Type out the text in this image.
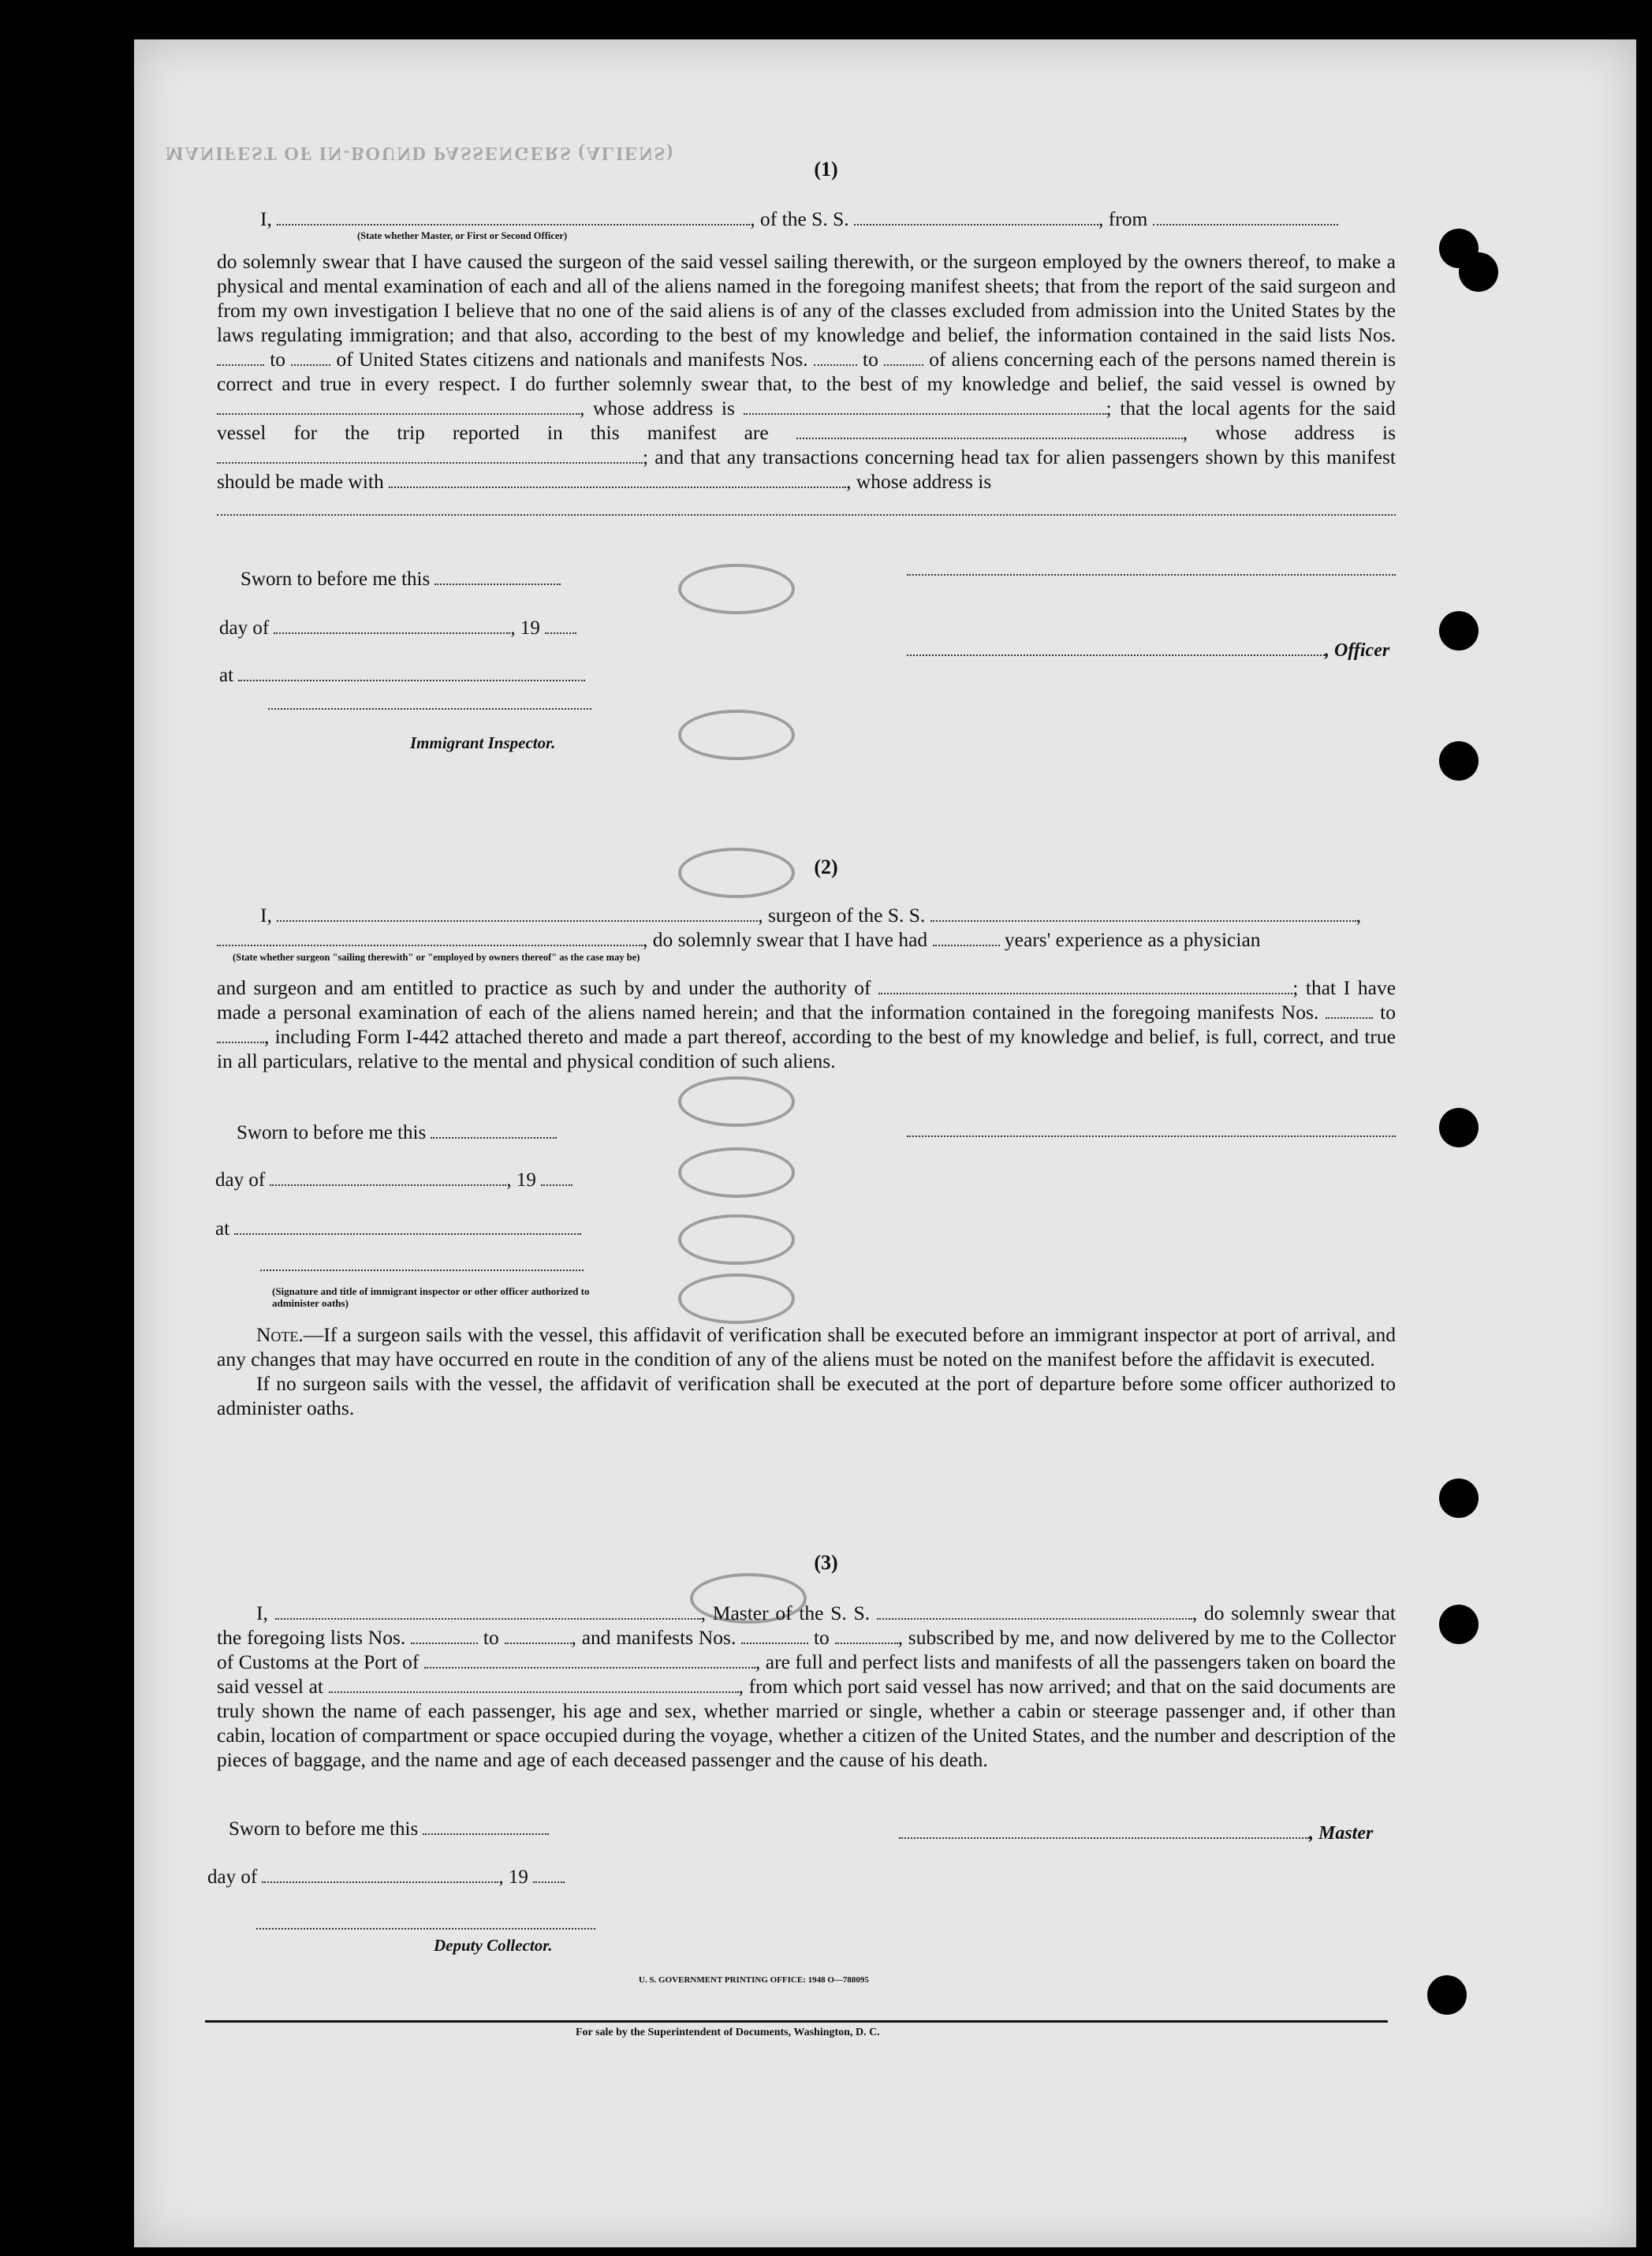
MANIFEST OF IN-BOUND PASSENGERS (ALIENS)
(1)
I,	, of the S. S.	, from
(State whether Master, or First or Second Officer)

do solemnly swear that I have caused the surgeon of the said vessel sailing therewith, or the surgeon employed by the owners thereof, to make a physical and mental examination of each and all of the aliens named in the foregoing manifest sheets; that from the report of the said surgeon and from my own investigation I believe that no one of the said aliens is of any of the classes excluded from admission into the United States by the laws regulating immigration; and that also, according to the best of my knowledge and belief, the information contained in the said lists Nos.  to	of United States citizens and nationals and manifests Nos.	to	of aliens concerning each of the persons named therein is correct and true in every respect. I do further solemnly swear that, to the best of my knowledge and belief, the said vessel is owned by , whose address is	; that the local agents for the said vessel for the trip reported in this manifest are	, whose address is ; and that any transactions concerning head tax for alien passengers shown by this manifest should be made with	, whose address is

Sworn to before me this
day of	, 19
at
Immigrant Inspector.
, Officer
(2)
I,	, surgeon of the S. S.	,
, do solemnly swear that I have had	years' experience as a physician
(State whether surgeon "sailing therewith" or "employed by owners thereof" as the case may be)

and surgeon and am entitled to practice as such by and under the authority of	; that I have made a personal examination of each of the aliens named herein; and that the information contained in the foregoing manifests Nos.	to , including Form I-442 attached thereto and made a part thereof, according to the best of my knowledge and belief, is full, correct, and true in all particulars, relative to the mental and physical condition of such aliens.

Sworn to before me this
day of	, 19
at
(Signature and title of immigrant inspector or other officer authorized to administer oaths)

Note.—If a surgeon sails with the vessel, this affidavit of verification shall be executed before an immigrant inspector at port of arrival, and any changes that may have occurred en route in the condition of any of the aliens must be noted on the manifest before the affidavit is executed.

If no surgeon sails with the vessel, the affidavit of verification shall be executed at the port of departure before some officer authorized to administer oaths.

(3)

I,	, Master of the S. S.	, do solemnly swear that the foregoing lists Nos.	to	, and manifests Nos.	to	, subscribed by me, and now delivered by me to the Collector of Customs at the Port of	, are full and perfect lists and manifests of all the passengers taken on board the said vessel at	, from which port said vessel has now arrived; and that on the said documents are truly shown the name of each passenger, his age and sex, whether married or single, whether a cabin or steerage passenger and, if other than cabin, location of compartment or space occupied during the voyage, whether a citizen of the United States, and the number and description of the pieces of baggage, and the name and age of each deceased passenger and the cause of his death.

Sworn to before me this
day of	, 19
Deputy Collector.
, Master
U. S. GOVERNMENT PRINTING OFFICE: 1948 O—788095
For sale by the Superintendent of Documents, Washington, D. C.
